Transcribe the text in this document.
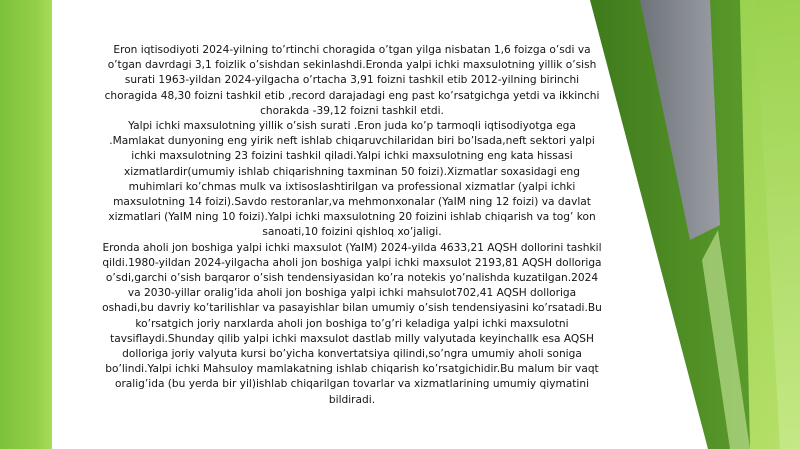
Eron iqtisodiyoti 2024-yilning to’rtinchi choragida o’tgan yilga nisbatan 1,6 foizga o’sdi va o’tgan davrdagi 3,1 foizlik o’sishdan sekinlashdi.Eronda yalpi ichki maxsulotning yillik o’sish surati 1963-yildan 2024-yilgacha o’rtacha 3,91 foizni tashkil etib 2012-yilning birinchi choragida 48,30 foizni tashkil etib ,record darajadagi eng past ko’rsatgichga yetdi va ikkinchi chorakda -39,12 foizni tashkil etdi.

Yalpi ichki maxsulotning yillik o’sish surati .Eron juda ko’p tarmoqli iqtisodiyotga ega .Mamlakat dunyoning eng yirik neft ishlab chiqaruvchilaridan biri bo’lsada,neft sektori yalpi ichki maxsulotning 23 foizini tashkil qiladi.Yalpi ichki maxsulotning eng kata hissasi xizmatlardir(umumiy ishlab chiqarishning taxminan 50 foizi).Xizmatlar soxasidagi eng muhimlari ko’chmas mulk va ixtisoslashtirilgan va professional xizmatlar (yalpi ichki maxsulotning 14 foizi).Savdo restoranlar,va mehmonxonalar (YaIM ning 12 foizi) va davlat xizmatlari (YaIM ning 10 foizi).Yalpi ichki maxsulotning 20 foizini ishlab chiqarish va tog’ kon sanoati,10 foizini qishloq xo’jaligi.

Eronda aholi jon boshiga yalpi ichki maxsulot (YaIM) 2024-yilda 4633,21 AQSH dollorini tashkil qildi.1980-yildan 2024-yilgacha aholi jon boshiga yalpi ichki maxsulot 2193,81 AQSH dolloriga o’sdi,garchi o’sish barqaror o’sish tendensiyasidan ko’ra notekis yo’nalishda kuzatilgan.2024 va 2030-yillar oralig’ida aholi jon boshiga yalpi ichki mahsulot702,41 AQSH dolloriga oshadi,bu davriy ko’tarilishlar va pasayishlar bilan umumiy o’sish tendensiyasini ko’rsatadi.Bu ko’rsatgich joriy narxlarda aholi jon boshiga to’g’ri keladiga yalpi ichki maxsulotni tavsiflaydi.Shunday qilib yalpi ichki maxsulot dastlab milly valyutada keyinchallk esa AQSH dolloriga joriy valyuta kursi bo’yicha konvertatsiya qilindi,so’ngra umumiy aholi soniga bo’lindi.Yalpi ichki Mahsuloy mamlakatning ishlab chiqarish ko’rsatgichidir.Bu malum bir vaqt oralig’ida (bu yerda bir yil)ishlab chiqarilgan tovarlar va xizmatlarining umumiy qiymatini bildiradi.
